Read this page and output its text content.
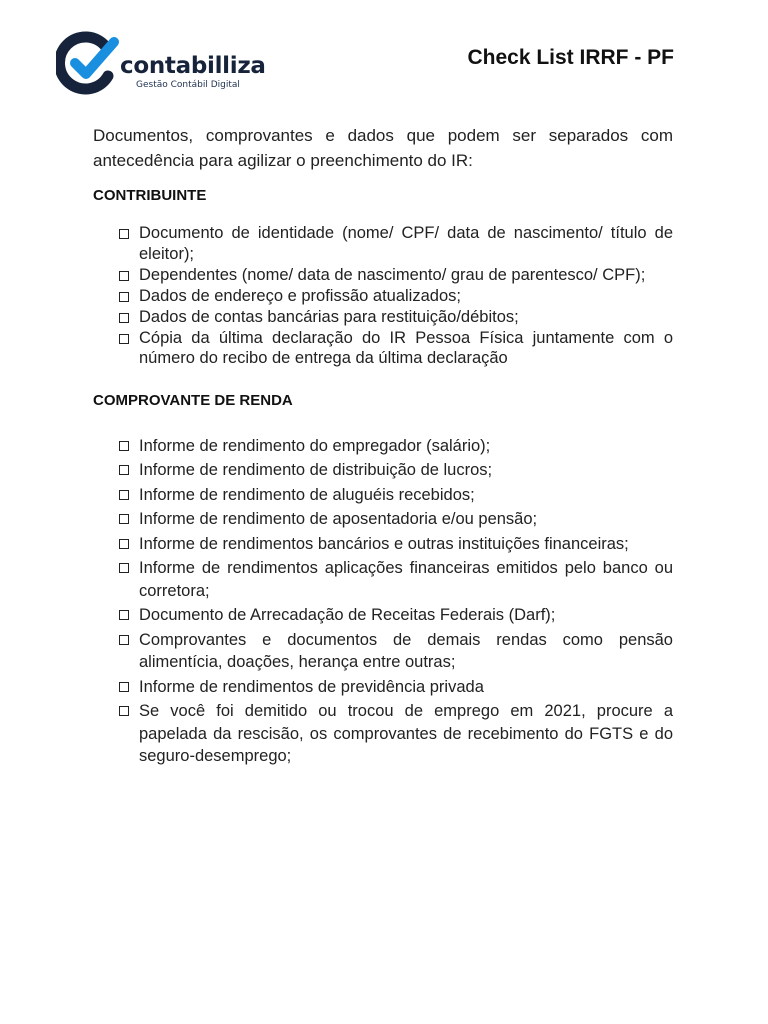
contabilliza
Gestão Contábil Digital
Check List IRRF - PF

Documentos, comprovantes e dados que podem ser separados com antecedência para agilizar o preenchimento do IR:

CONTRIBUINTE
Documento de identidade (nome/ CPF/ data de nascimento/ título de eleitor);
Dependentes (nome/ data de nascimento/ grau de parentesco/ CPF);
Dados de endereço e profissão atualizados;
Dados de contas bancárias para restituição/débitos;
Cópia da última declaração do IR Pessoa Física juntamente com o número do recibo de entrega da última declaração
COMPROVANTE DE RENDA
Informe de rendimento do empregador (salário);
Informe de rendimento de distribuição de lucros;
Informe de rendimento de aluguéis recebidos;
Informe de rendimento de aposentadoria e/ou pensão;
Informe de rendimentos bancários e outras instituições financeiras;
Informe de rendimentos aplicações financeiras emitidos pelo banco ou corretora;
Documento de Arrecadação de Receitas Federais (Darf);
Comprovantes e documentos de demais rendas como pensão alimentícia, doações, herança entre outras;
Informe de rendimentos de previdência privada
Se você foi demitido ou trocou de emprego em 2021, procure a papelada da rescisão, os comprovantes de recebimento do FGTS e do seguro-desemprego;
